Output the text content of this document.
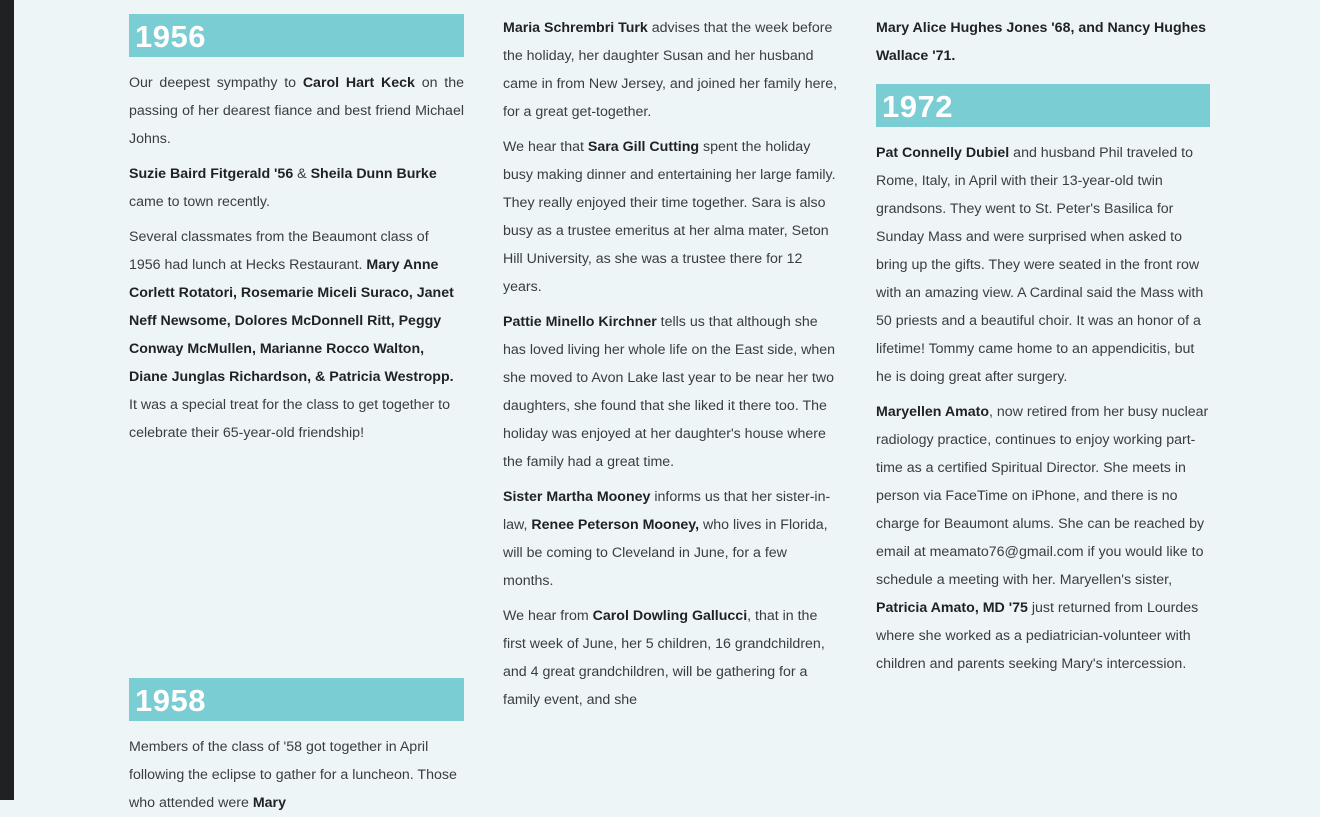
1956

Our deepest sympathy to Carol Hart Keck on the passing of her dearest fiance and best friend Michael Johns.

Suzie Baird Fitgerald '56 & Sheila Dunn Burke came to town recently.

Several classmates from the Beaumont class of 1956 had lunch at Hecks Restaurant. Mary Anne Corlett Rotatori, Rosemarie Miceli Suraco, Janet Neff Newsome, Dolores McDonnell Ritt, Peggy Conway McMullen, Marianne Rocco Walton, Diane Junglas Richardson, & Patricia Westropp. It was a special treat for the class to get together to celebrate their 65-year-old friendship!

1958

Members of the class of '58 got together in April following the eclipse to gather for a luncheon. Those who attended were Mary

Maria Schrembri Turk advises that the week before the holiday, her daughter Susan and her husband came in from New Jersey, and joined her family here, for a great get-together.

We hear that Sara Gill Cutting spent the holiday busy making dinner and entertaining her large family. They really enjoyed their time together. Sara is also busy as a trustee emeritus at her alma mater, Seton Hill University, as she was a trustee there for 12 years.

Pattie Minello Kirchner tells us that although she has loved living her whole life on the East side, when she moved to Avon Lake last year to be near her two daughters, she found that she liked it there too. The holiday was enjoyed at her daughter's house where the family had a great time.

Sister Martha Mooney informs us that her sister-in-law, Renee Peterson Mooney, who lives in Florida, will be coming to Cleveland in June, for a few months.

We hear from Carol Dowling Gallucci, that in the first week of June, her 5 children, 16 grandchildren, and 4 great grandchildren, will be gathering for a family event, and she

Mary Alice Hughes Jones '68, and Nancy Hughes Wallace '71.

1972

Pat Connelly Dubiel and husband Phil traveled to Rome, Italy, in April with their 13-year-old twin grandsons. They went to St. Peter's Basilica for Sunday Mass and were surprised when asked to bring up the gifts. They were seated in the front row with an amazing view. A Cardinal said the Mass with 50 priests and a beautiful choir. It was an honor of a lifetime! Tommy came home to an appendicitis, but he is doing great after surgery.

Maryellen Amato, now retired from her busy nuclear radiology practice, continues to enjoy working part-time as a certified Spiritual Director. She meets in person via FaceTime on iPhone, and there is no charge for Beaumont alums. She can be reached by email at meamato76@gmail.com if you would like to schedule a meeting with her. Maryellen's sister, Patricia Amato, MD '75 just returned from Lourdes where she worked as a pediatrician-volunteer with children and parents seeking Mary's intercession.
